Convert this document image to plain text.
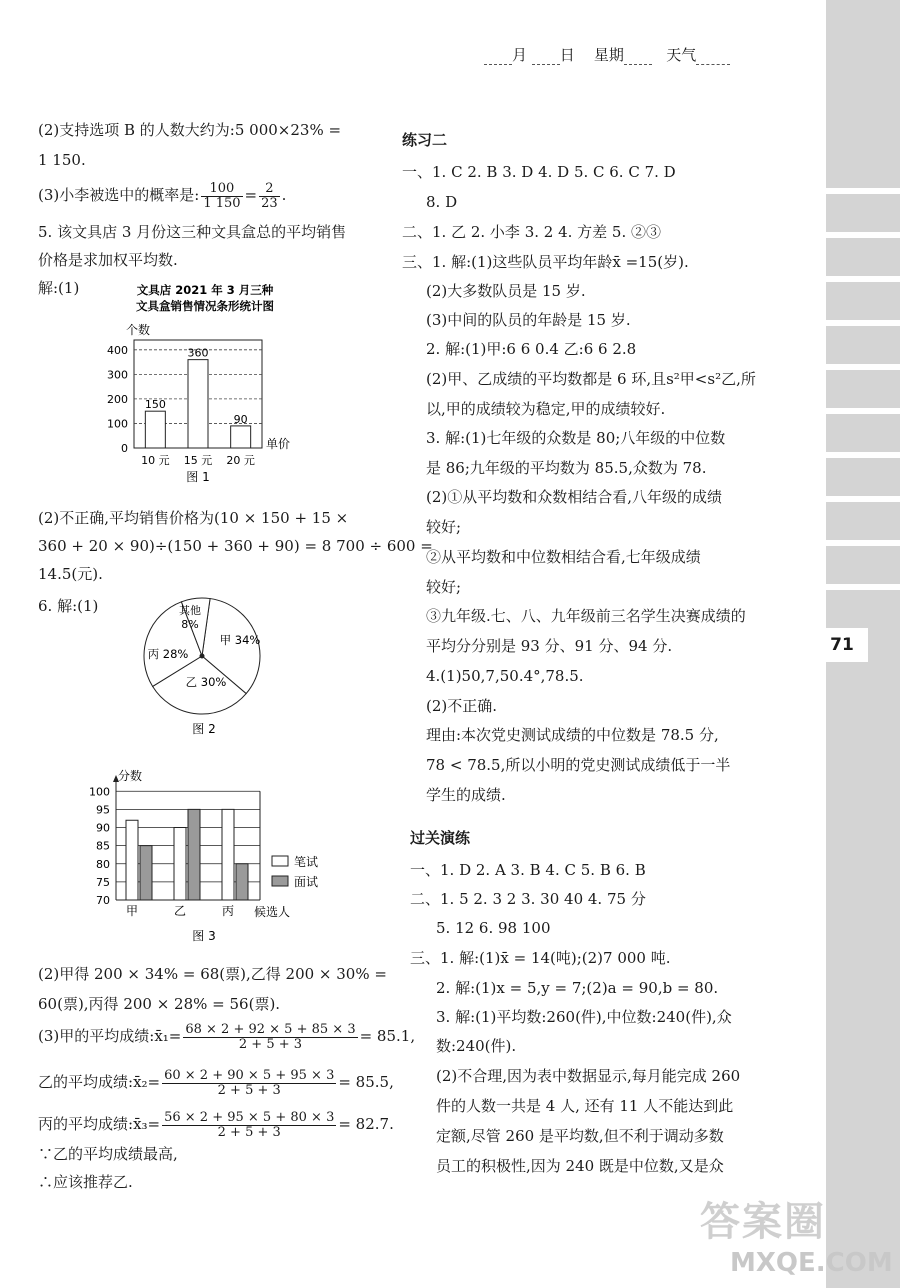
71
月 日 星期	天气
(2)支持选项 B 的人数大约为:5 000×23% =
1 150.
(3)小李被选中的概率是: $\frac{100}{1 150} = \frac{2}{23}$ .
5. 该文具店 3 月份这三种文具盒总的平均销售
价格是求加权平均数.
解:(1)	文具店 2021 年 3 月三种
文具盒销售情况条形统计图
个数
0
100
200
300
400
150
10 元
360
15 元
90
20 元
单价
图 1
(2)不正确,平均销售价格为(10 × 150 + 15 ×
360 + 20 × 90)÷(150 + 360 + 90) = 8 700 ÷ 600 =
14.5(元).
6. 解:(1)
甲 34%
乙 30%
丙 28%
其他
8%
图 2
分数
70
75
80
85
90
95
100
甲	乙	丙
笔试
面试
候选人
图 3
(2)甲得 200 × 34% = 68(票),乙得 200 × 30% =
60(票),丙得 200 × 28% = 56(票).
(3)甲的平均成绩:x̄₁= $\frac{68 \times 2 + 92 \times 5 + 85 \times 3}{2 + 5 + 3} = 85.1$,
乙的平均成绩:x̄₂= $\frac{60 \times 2 + 90 \times 5 + 95 \times 3}{2 + 5 + 3} = 85.5$,
丙的平均成绩:x̄₃= $\frac{56 \times 2 + 95 \times 5 + 80 \times 3}{2 + 5 + 3} = 82.7$.
∵乙的平均成绩最高,
∴应该推荐乙.
练习二
一、1. C 2. B 3. D 4. D 5. C 6. C 7. D
8. D
二、1. 乙 2. 小李 3. 2 4. 方差 5. ②③
三、1. 解:(1)这些队员平均年龄x̄ =15(岁).
(2)大多数队员是 15 岁.
(3)中间的队员的年龄是 15 岁.
2. 解:(1)甲:6 6 0.4 乙:6 6 2.8
(2)甲、乙成绩的平均数都是 6 环,且s²甲<s²乙,所
以,甲的成绩较为稳定,甲的成绩较好.
3. 解:(1)七年级的众数是 80;八年级的中位数
是 86;九年级的平均数为 85.5,众数为 78.
(2)①从平均数和众数相结合看,八年级的成绩
较好;
②从平均数和中位数相结合看,七年级成绩
较好;
③九年级.七、八、九年级前三名学生决赛成绩的
平均分分别是 93 分、91 分、94 分.
4.(1)50,7,50.4°,78.5.
(2)不正确.
理由:本次党史测试成绩的中位数是 78.5 分,
78 < 78.5,所以小明的党史测试成绩低于一半
学生的成绩.
过关演练
一、1. D 2. A 3. B 4. C 5. B 6. B
二、1. 5 2. 3 2 3. 30 40 4. 75 分
5. 12 6. 98 100
三、1. 解:(1)x̄ = 14(吨);(2)7 000 吨.
2. 解:(1)x = 5,y = 7;(2)a = 90,b = 80.
3. 解:(1)平均数:260(件),中位数:240(件),众
数:240(件).
(2)不合理,因为表中数据显示,每月能完成 260
件的人数一共是 4 人, 还有 11 人不能达到此
定额,尽管 260 是平均数,但不利于调动多数
员工的积极性,因为 240 既是中位数,又是众
答案圈
MXQE.COM
